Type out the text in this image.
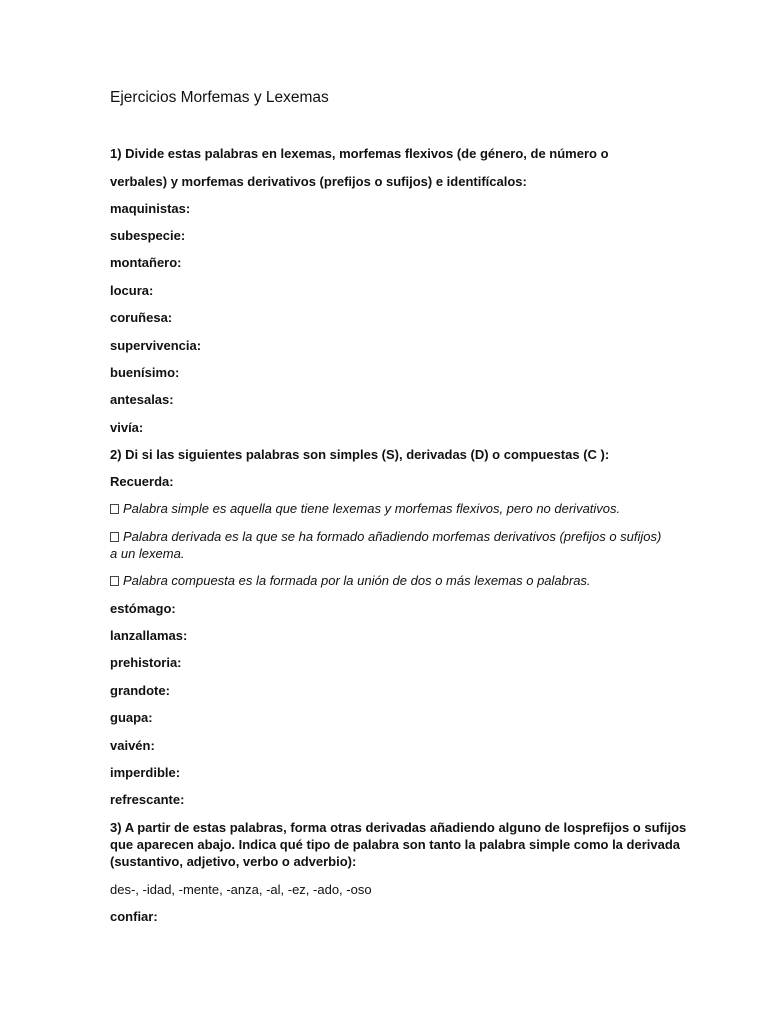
Ejercicios Morfemas y Lexemas
1) Divide estas palabras en lexemas, morfemas flexivos (de género, de número o
verbales) y morfemas derivativos (prefijos o sufijos) e identifícalos:
maquinistas:
subespecie:
montañero:
locura:
coruñesa:
supervivencia:
buenísimo:
antesalas:
vivía:
2) Di si las siguientes palabras son simples (S), derivadas (D) o compuestas (C ):
Recuerda:
Palabra simple es aquella que tiene lexemas y morfemas flexivos, pero no derivativos.
Palabra derivada es la que se ha formado añadiendo morfemas derivativos (prefijos o sufijos)
a un lexema.
Palabra compuesta es la formada por la unión de dos o más lexemas o palabras.
estómago:
lanzallamas:
prehistoria:
grandote:
guapa:
vaivén:
imperdible:
refrescante:
3) A partir de estas palabras, forma otras derivadas añadiendo alguno de losprefijos o sufijos
que aparecen abajo. Indica qué tipo de palabra son tanto la palabra simple como la derivada
(sustantivo, adjetivo, verbo o adverbio):
des-, -idad, -mente, -anza, -al, -ez, -ado, -oso
confiar:
